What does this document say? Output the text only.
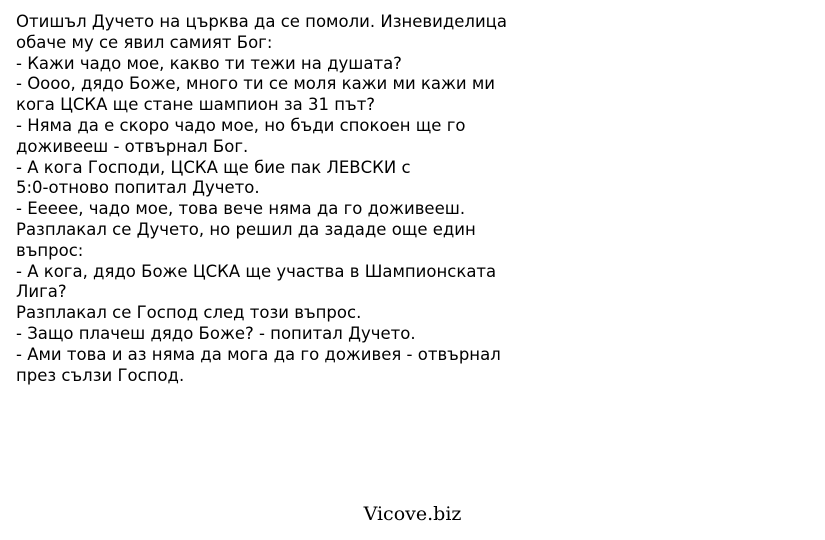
Отишъл Дучето на църква да се помоли. Изневиделица
обаче му се явил самият Бог:
- Кажи чадо мое, какво ти тежи на душата?
- Оооо, дядо Боже, много ти се моля кажи ми кажи ми
кога ЦСКА ще стане шампион за 31 път?
- Няма да е скоро чадо мое, но бъди спокоен ще го
доживееш - отвърнал Бог.
- А кога Господи, ЦСКА ще бие пак ЛЕВСКИ с
5:0-отново попитал Дучето.
- Ееееe, чадо мое, това вече няма да го доживееш.
Разплакал се Дучето, но решил да зададе още един
въпрос:
- А кога, дядо Боже ЦСКА ще участва в Шампионската
Лига?
Разплакал се Господ след този въпрос.
- Защо плачеш дядо Боже? - попитал Дучето.
- Ами това и аз няма да мога да го доживея - отвърнал
през сълзи Господ.
Vicove.biz
